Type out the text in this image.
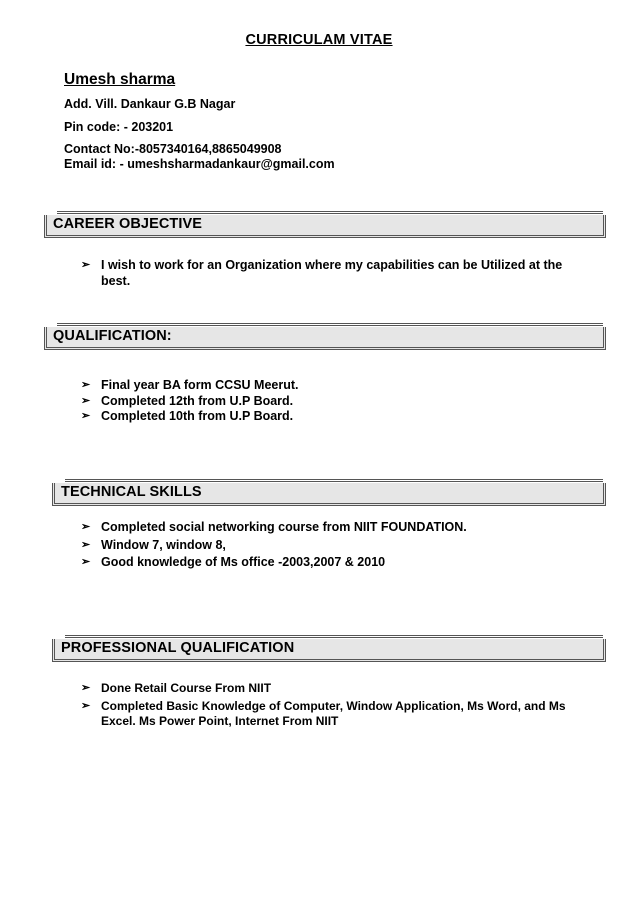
CURRICULAM VITAE
Umesh sharma
Add. Vill. Dankaur G.B Nagar
Pin code: - 203201
Contact No:-8057340164,8865049908
Email id: - umeshsharmadankaur@gmail.com
CAREER OBJECTIVE
➢ I wish to work for an Organization where my capabilities can be Utilized at the best.
QUALIFICATION:
➢ Final year BA form CCSU Meerut.
➢ Completed 12th from U.P Board.
➢ Completed 10th from U.P Board.
TECHNICAL SKILLS
➢ Completed social networking course from NIIT FOUNDATION.
➢ Window 7, window 8,
➢ Good knowledge of Ms office -2003,2007 & 2010
PROFESSIONAL QUALIFICATION
➢ Done Retail Course From NIIT
➢ Completed Basic Knowledge of Computer, Window Application, Ms Word, and Ms Excel. Ms Power Point, Internet From NIIT
